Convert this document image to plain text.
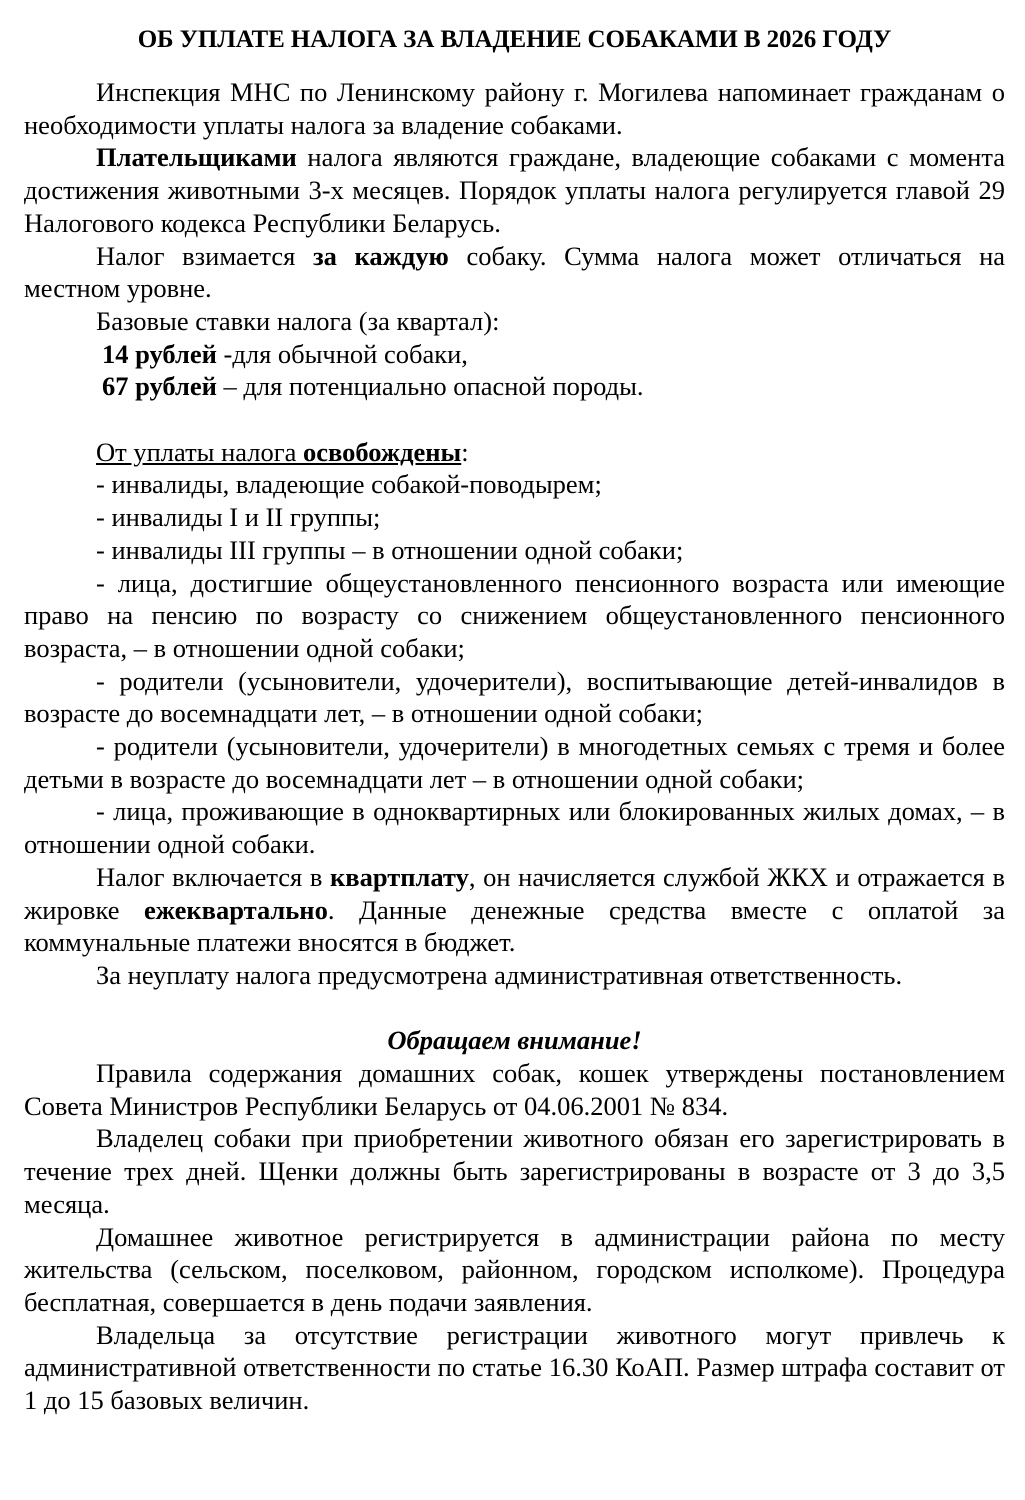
ОБ УПЛАТЕ НАЛОГА ЗА ВЛАДЕНИЕ СОБАКАМИ В 2026 ГОДУ

Инспекция МНС по Ленинскому району г. Могилева напоминает гражданам о необходимости уплаты налога за владение собаками.

Плательщиками налога являются граждане, владеющие собаками с момента достижения животными 3-х месяцев. Порядок уплаты налога регулируется главой 29 Налогового кодекса Республики Беларусь.

Налог взимается за каждую собаку. Сумма налога может отличаться на местном уровне.

Базовые ставки налога (за квартал):

14 рублей -для обычной собаки,

67 рублей – для потенциально опасной породы.

От уплаты налога освобождены:

- инвалиды, владеющие собакой-поводырем;

- инвалиды I и II группы;

- инвалиды III группы – в отношении одной собаки;

- лица, достигшие общеустановленного пенсионного возраста или имеющие право на пенсию по возрасту со снижением общеустановленного пенсионного возраста, – в отношении одной собаки;

- родители (усыновители, удочерители), воспитывающие детей-инвалидов в возрасте до восемнадцати лет, – в отношении одной собаки;

- родители (усыновители, удочерители) в многодетных семьях с тремя и более детьми в возрасте до восемнадцати лет – в отношении одной собаки;

- лица, проживающие в одноквартирных или блокированных жилых домах, – в отношении одной собаки.

Налог включается в квартплату, он начисляется службой ЖКХ и отражается в жировке ежеквартально. Данные денежные средства вместе с оплатой за коммунальные платежи вносятся в бюджет.

За неуплату налога предусмотрена административная ответственность.

Обращаем внимание!

Правила содержания домашних собак, кошек утверждены постановлением Совета Министров Республики Беларусь от 04.06.2001 № 834.

Владелец собаки при приобретении животного обязан его зарегистрировать в течение трех дней. Щенки должны быть зарегистрированы в возрасте от 3 до 3,5 месяца.

Домашнее животное регистрируется в администрации района по месту жительства (сельском, поселковом, районном, городском исполкоме). Процедура бесплатная, совершается в день подачи заявления.

Владельца за отсутствие регистрации животного могут привлечь к административной ответственности по статье 16.30 КоАП. Размер штрафа составит от 1 до 15 базовых величин.
